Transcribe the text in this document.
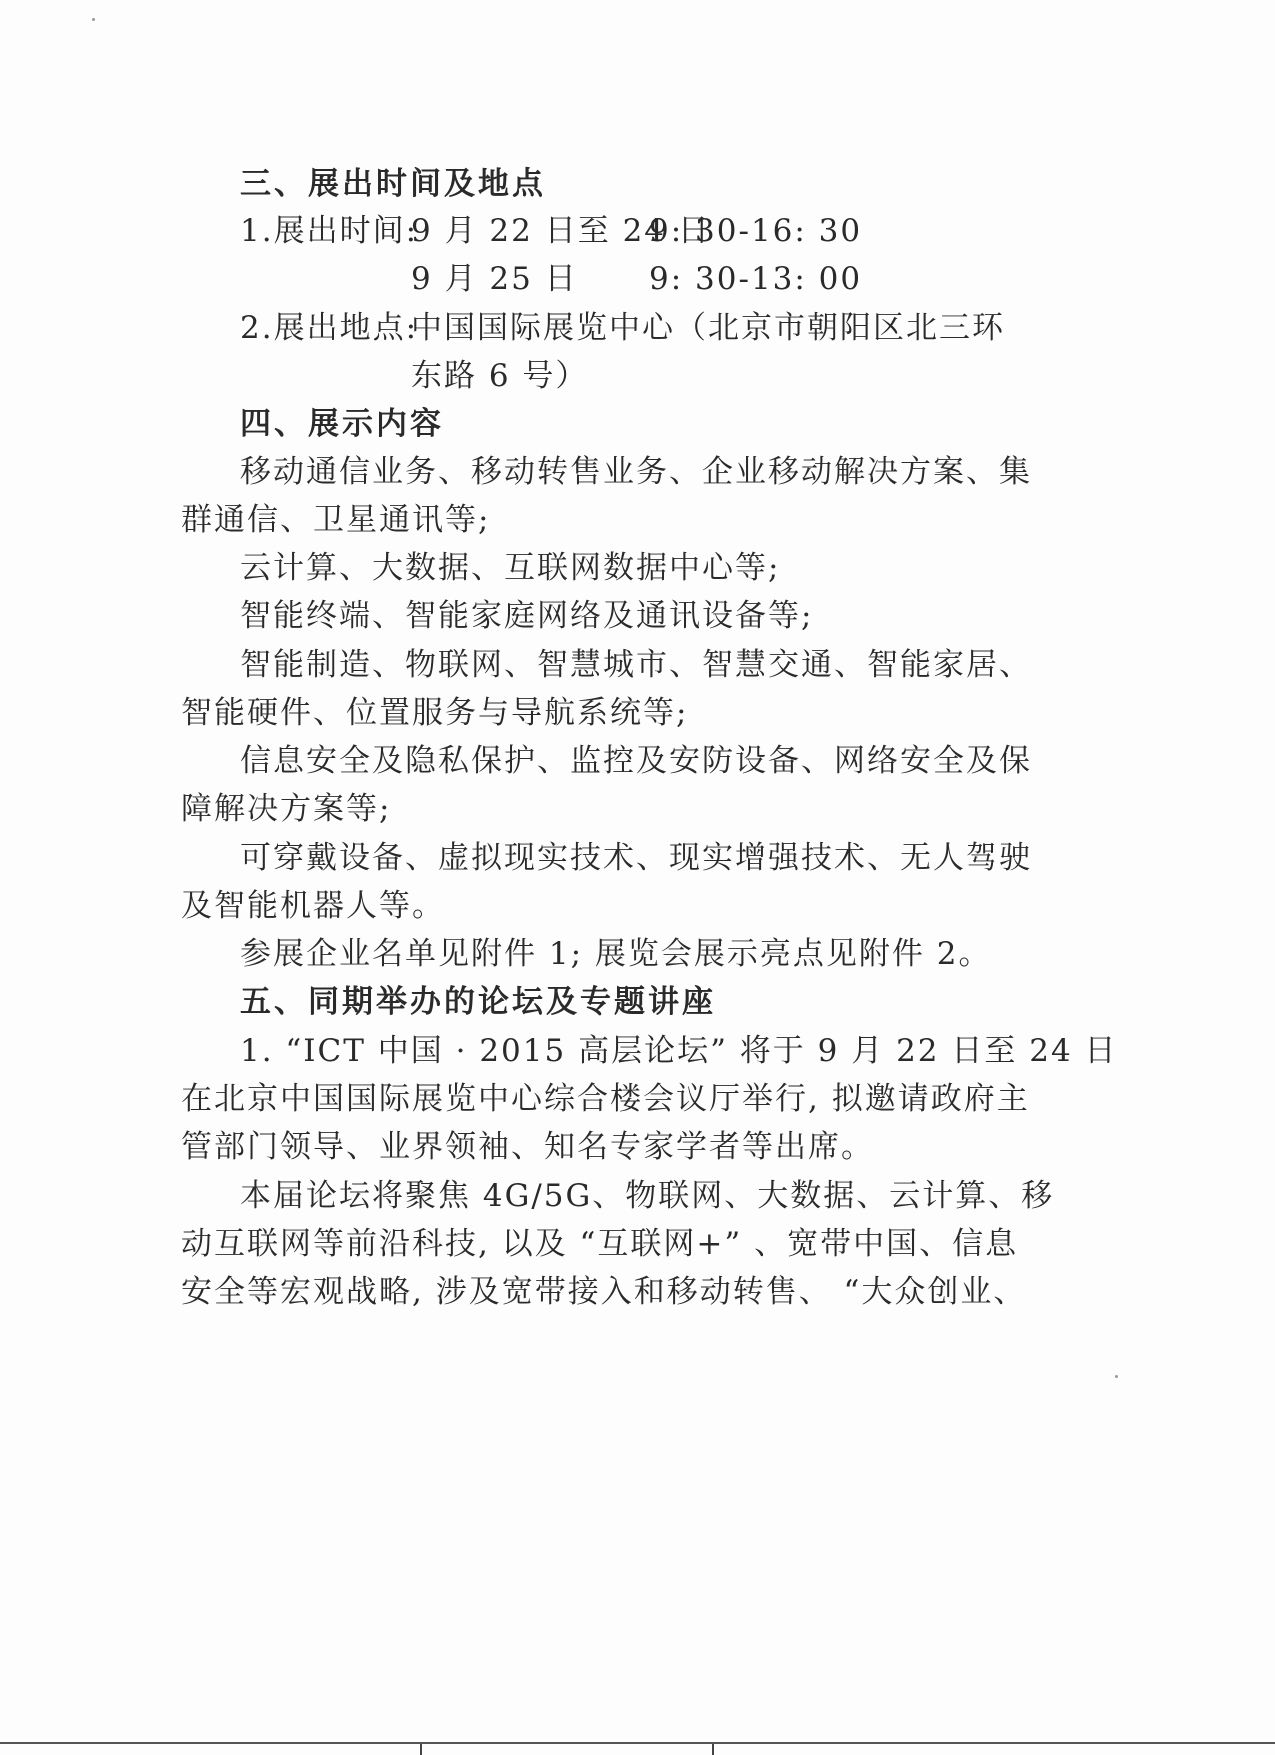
三、展出时间及地点
1.展出时间:
9 月 22 日至 24 日
9: 30-16: 30
9 月 25 日 9: 30-13: 00
2.展出地点:
中国国际展览中心（北京市朝阳区北三环
东路 6 号）
四、展示内容
移动通信业务、移动转售业务、企业移动解决方案、集
群通信、卫星通讯等;
云计算、大数据、互联网数据中心等;
智能终端、智能家庭网络及通讯设备等;
智能制造、物联网、智慧城市、智慧交通、智能家居、
智能硬件、位置服务与导航系统等;
信息安全及隐私保护、监控及安防设备、网络安全及保
障解决方案等;
可穿戴设备、虚拟现实技术、现实增强技术、无人驾驶
及智能机器人等。
参展企业名单见附件 1; 展览会展示亮点见附件 2。
五、同期举办的论坛及专题讲座
1. “ICT 中国 · 2015 高层论坛” 将于 9 月 22 日至 24 日
在北京中国国际展览中心综合楼会议厅举行, 拟邀请政府主
管部门领导、业界领袖、知名专家学者等出席。
本届论坛将聚焦 4G/5G、物联网、大数据、云计算、移
动互联网等前沿科技, 以及 “互联网+” 、宽带中国、信息
安全等宏观战略, 涉及宽带接入和移动转售、 “大众创业、
